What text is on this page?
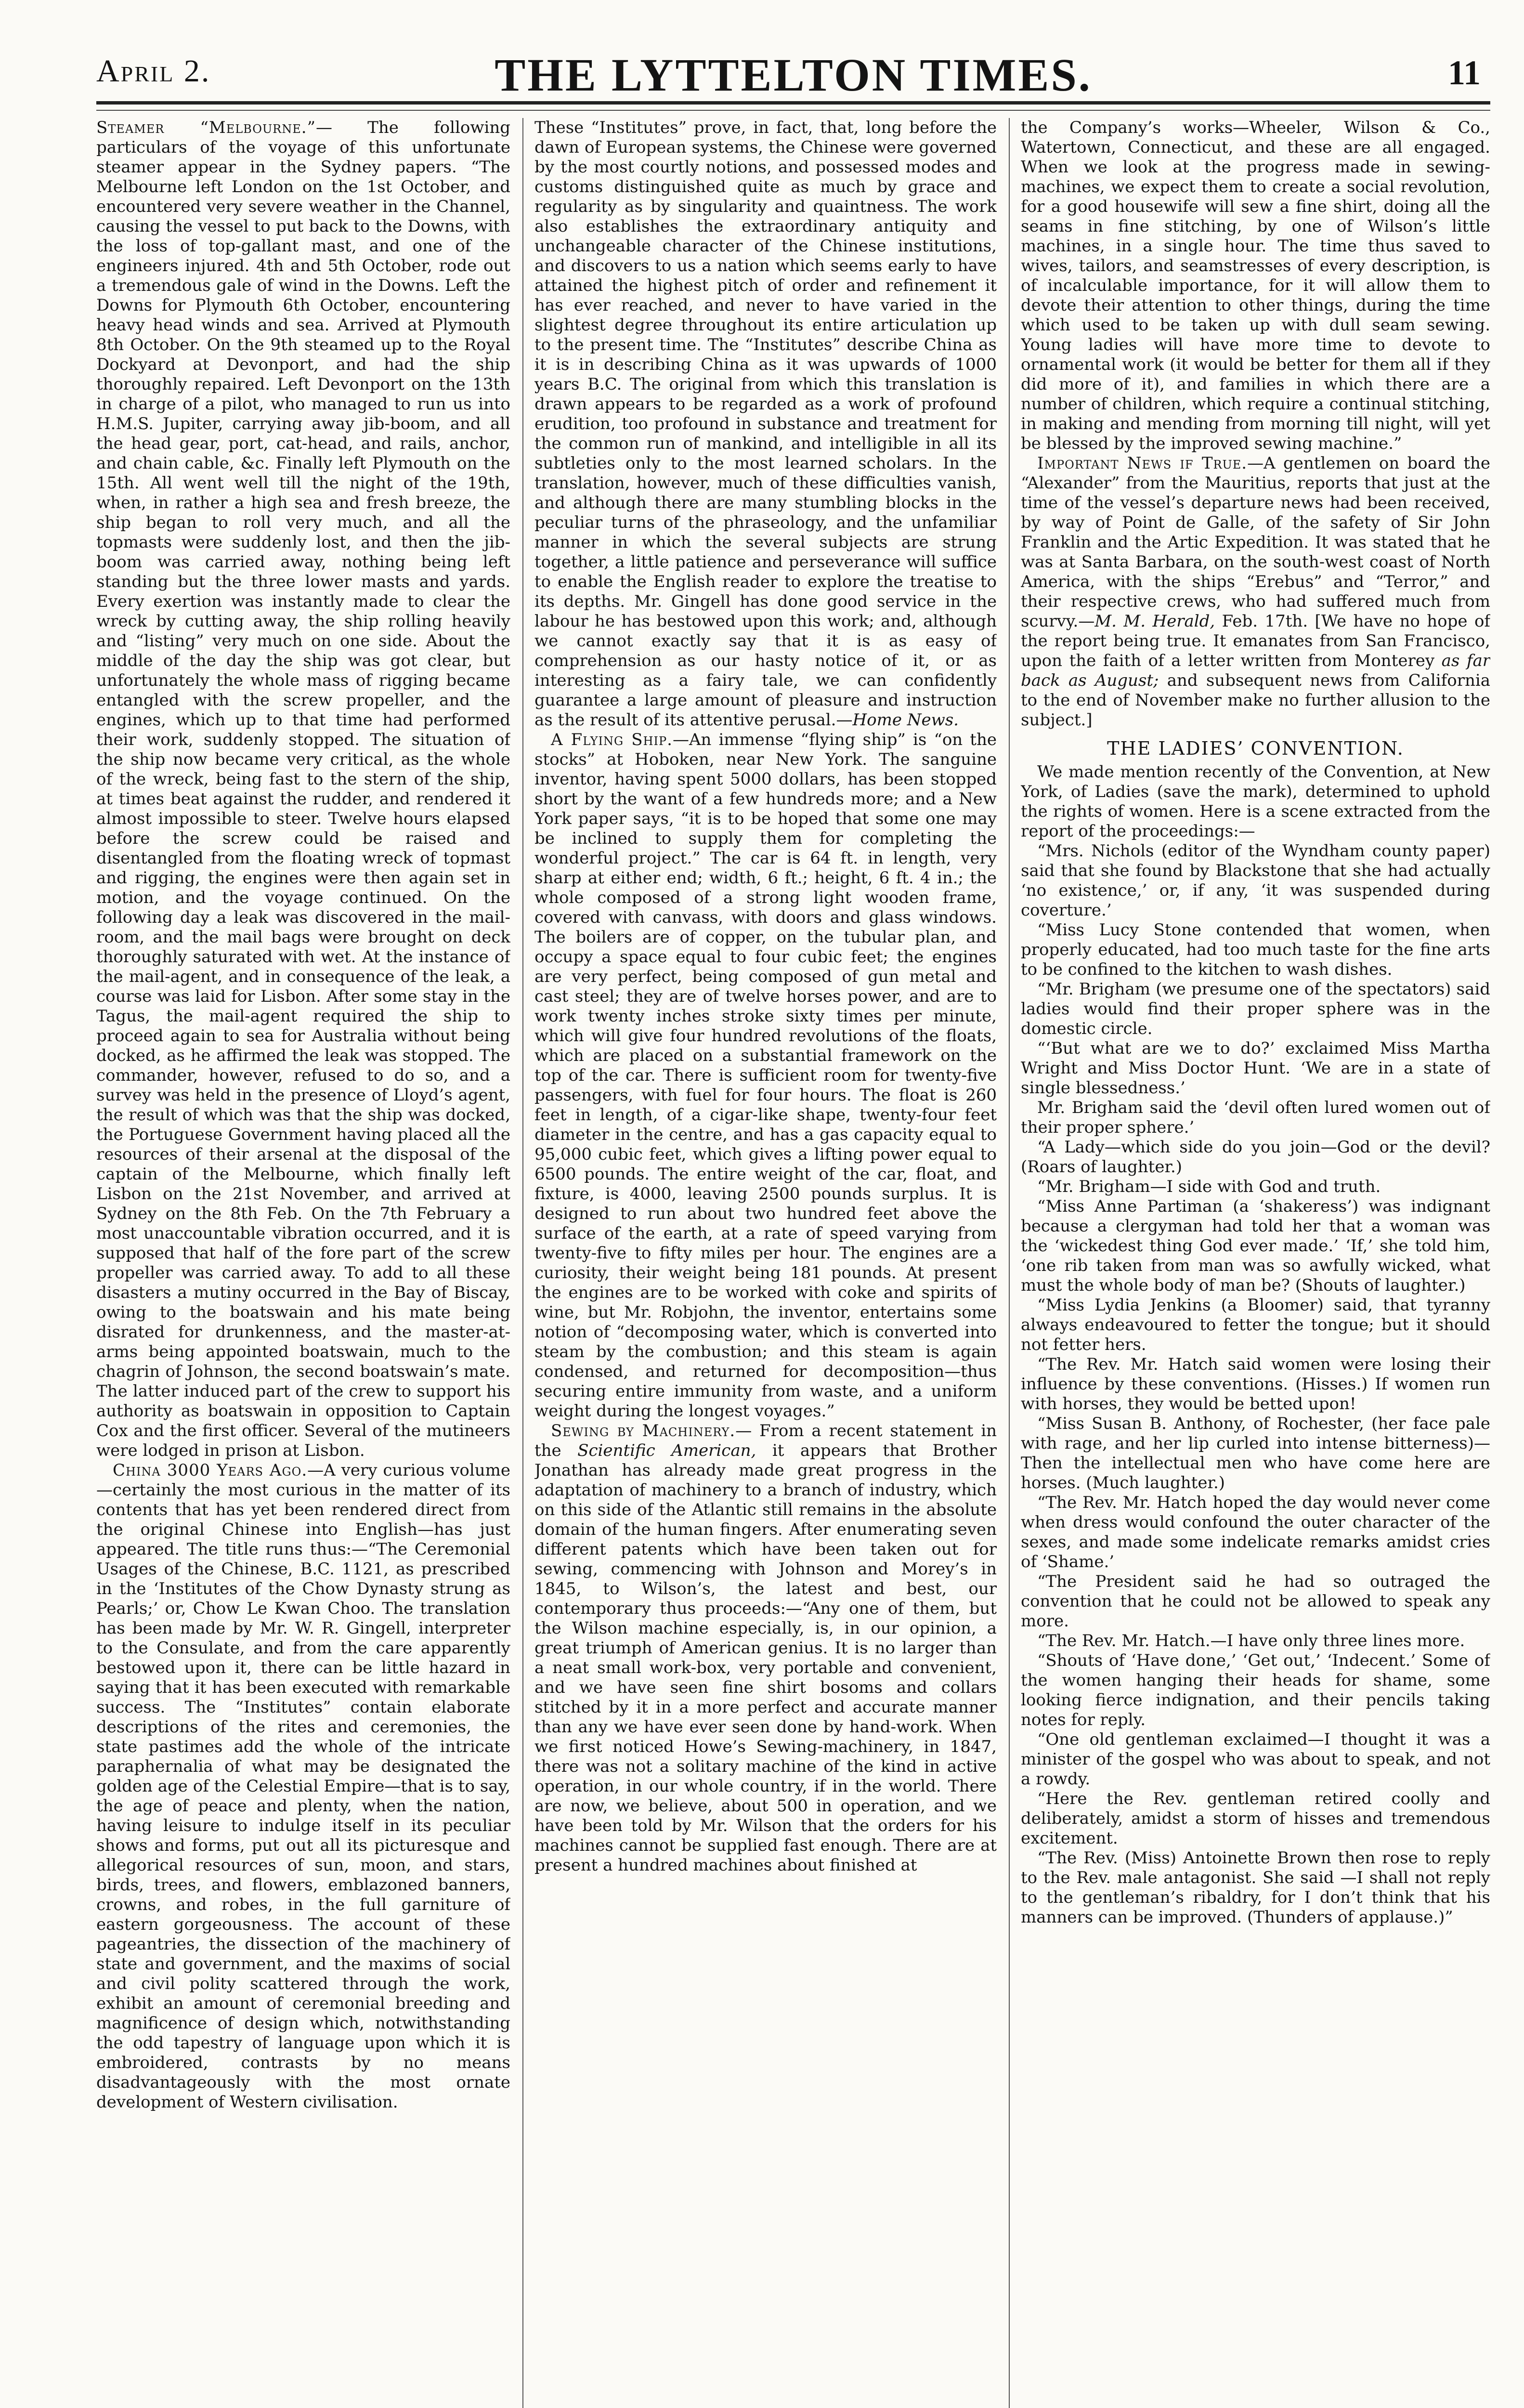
April 2.	THE LYTTELTON TIMES.	11

Steamer “Melbourne.”— The following particulars of the voyage of this unfortunate steamer appear in the Sydney papers. “The Melbourne left London on the 1st October, and encountered very severe weather in the Channel, causing the vessel to put back to the Downs, with the loss of top-gallant mast, and one of the engineers injured. 4th and 5th October, rode out a tremendous gale of wind in the Downs. Left the Downs for Plymouth 6th October, encountering heavy head winds and sea. Arrived at Plymouth 8th October. On the 9th steamed up to the Royal Dockyard at Devonport, and had the ship thoroughly repaired. Left Devonport on the 13th in charge of a pilot, who managed to run us into H.M.S. Jupiter, carrying away jib-boom, and all the head gear, port, cat-head, and rails, anchor, and chain cable, &c. Finally left Plymouth on the 15th. All went well till the night of the 19th, when, in rather a high sea and fresh breeze, the ship began to roll very much, and all the topmasts were suddenly lost, and then the jib-boom was carried away, nothing being left standing but the three lower masts and yards. Every exertion was instantly made to clear the wreck by cutting away, the ship rolling heavily and “listing” very much on one side. About the middle of the day the ship was got clear, but unfortunately the whole mass of rigging became entangled with the screw propeller, and the engines, which up to that time had performed their work, suddenly stopped. The situation of the ship now became very critical, as the whole of the wreck, being fast to the stern of the ship, at times beat against the rudder, and rendered it almost impossible to steer. Twelve hours elapsed before the screw could be raised and disentangled from the floating wreck of topmast and rigging, the engines were then again set in motion, and the voyage continued. On the following day a leak was discovered in the mail-room, and the mail bags were brought on deck thoroughly saturated with wet. At the instance of the mail-agent, and in consequence of the leak, a course was laid for Lisbon. After some stay in the Tagus, the mail-agent required the ship to proceed again to sea for Australia without being docked, as he affirmed the leak was stopped. The commander, however, refused to do so, and a survey was held in the presence of Lloyd’s agent, the result of which was that the ship was docked, the Portuguese Government having placed all the resources of their arsenal at the disposal of the captain of the Melbourne, which finally left Lisbon on the 21st November, and arrived at Sydney on the 8th Feb. On the 7th February a most unaccountable vibration occurred, and it is supposed that half of the fore part of the screw propeller was carried away. To add to all these disasters a mutiny occurred in the Bay of Biscay, owing to the boatswain and his mate being disrated for drunkenness, and the master-at-arms being appointed boatswain, much to the chagrin of Johnson, the second boatswain’s mate. The latter induced part of the crew to support his authority as boatswain in opposition to Captain Cox and the first officer. Several of the mutineers were lodged in prison at Lisbon.

China 3000 Years Ago.—A very curious volume—certainly the most curious in the matter of its contents that has yet been rendered direct from the original Chinese into English—has just appeared. The title runs thus:—“The Ceremonial Usages of the Chinese, B.C. 1121, as prescribed in the ‘Institutes of the Chow Dynasty strung as Pearls;’ or, Chow Le Kwan Choo. The translation has been made by Mr. W. R. Gingell, interpreter to the Consulate, and from the care apparently bestowed upon it, there can be little hazard in saying that it has been executed with remarkable success. The “Institutes” contain elaborate descriptions of the rites and ceremonies, the state pastimes add the whole of the intricate paraphernalia of what may be designated the golden age of the Celestial Empire—that is to say, the age of peace and plenty, when the nation, having leisure to indulge itself in its peculiar shows and forms, put out all its picturesque and allegorical resources of sun, moon, and stars, birds, trees, and flowers, emblazoned banners, crowns, and robes, in the full garniture of eastern gorgeousness. The account of these pageantries, the dissection of the machinery of state and government, and the maxims of social and civil polity scattered through the work, exhibit an amount of ceremonial breeding and magnificence of design which, notwithstanding the odd tapestry of language upon which it is embroidered, contrasts by no means disadvantageously with the most ornate development of Western civilisation.

These “Institutes” prove, in fact, that, long before the dawn of European systems, the Chinese were governed by the most courtly notions, and possessed modes and customs distinguished quite as much by grace and regularity as by singularity and quaintness. The work also establishes the extraordinary antiquity and unchangeable character of the Chinese institutions, and discovers to us a nation which seems early to have attained the highest pitch of order and refinement it has ever reached, and never to have varied in the slightest degree throughout its entire articulation up to the present time. The “Institutes” describe China as it is in describing China as it was upwards of 1000 years B.C. The original from which this translation is drawn appears to be regarded as a work of profound erudition, too profound in substance and treatment for the common run of mankind, and intelligible in all its subtleties only to the most learned scholars. In the translation, however, much of these difficulties vanish, and although there are many stumbling blocks in the peculiar turns of the phraseology, and the unfamiliar manner in which the several subjects are strung together, a little patience and perseverance will suffice to enable the English reader to explore the treatise to its depths. Mr. Gingell has done good service in the labour he has bestowed upon this work; and, although we cannot exactly say that it is as easy of comprehension as our hasty notice of it, or as interesting as a fairy tale, we can confidently guarantee a large amount of pleasure and instruction as the result of its attentive perusal.—Home News.

A Flying Ship.—An immense “flying ship” is “on the stocks” at Hoboken, near New York. The sanguine inventor, having spent 5000 dollars, has been stopped short by the want of a few hundreds more; and a New York paper says, “it is to be hoped that some one may be inclined to supply them for completing the wonderful project.” The car is 64 ft. in length, very sharp at either end; width, 6 ft.; height, 6 ft. 4 in.; the whole composed of a strong light wooden frame, covered with canvass, with doors and glass windows. The boilers are of copper, on the tubular plan, and occupy a space equal to four cubic feet; the engines are very perfect, being composed of gun metal and cast steel; they are of twelve horses power, and are to work twenty inches stroke sixty times per minute, which will give four hundred revolutions of the floats, which are placed on a substantial framework on the top of the car. There is sufficient room for twenty-five passengers, with fuel for four hours. The float is 260 feet in length, of a cigar-like shape, twenty-four feet diameter in the centre, and has a gas capacity equal to 95,000 cubic feet, which gives a lifting power equal to 6500 pounds. The entire weight of the car, float, and fixture, is 4000, leaving 2500 pounds surplus. It is designed to run about two hundred feet above the surface of the earth, at a rate of speed varying from twenty-five to fifty miles per hour. The engines are a curiosity, their weight being 181 pounds. At present the engines are to be worked with coke and spirits of wine, but Mr. Robjohn, the inventor, entertains some notion of “decomposing water, which is converted into steam by the combustion; and this steam is again condensed, and returned for decomposition—thus securing entire immunity from waste, and a uniform weight during the longest voyages.”

Sewing by Machinery.— From a recent statement in the Scientific American, it appears that Brother Jonathan has already made great progress in the adaptation of machinery to a branch of industry, which on this side of the Atlantic still remains in the absolute domain of the human fingers. After enumerating seven different patents which have been taken out for sewing, commencing with Johnson and Morey’s in 1845, to Wilson’s, the latest and best, our contemporary thus proceeds:—“Any one of them, but the Wilson machine especially, is, in our opinion, a great triumph of American genius. It is no larger than a neat small work-box, very portable and convenient, and we have seen fine shirt bosoms and collars stitched by it in a more perfect and accurate manner than any we have ever seen done by hand-work. When we first noticed Howe’s Sewing-machinery, in 1847, there was not a solitary machine of the kind in active operation, in our whole country, if in the world. There are now, we believe, about 500 in operation, and we have been told by Mr. Wilson that the orders for his machines cannot be supplied fast enough. There are at present a hundred machines about finished at

the Company’s works—Wheeler, Wilson & Co., Watertown, Connecticut, and these are all engaged. When we look at the progress made in sewing-machines, we expect them to create a social revolution, for a good housewife will sew a fine shirt, doing all the seams in fine stitching, by one of Wilson’s little machines, in a single hour. The time thus saved to wives, tailors, and seamstresses of every description, is of incalculable importance, for it will allow them to devote their attention to other things, during the time which used to be taken up with dull seam sewing. Young ladies will have more time to devote to ornamental work (it would be better for them all if they did more of it), and families in which there are a number of children, which require a continual stitching, in making and mending from morning till night, will yet be blessed by the improved sewing machine.”

Important News if True.—A gentlemen on board the “Alexander” from the Mauritius, reports that just at the time of the vessel’s departure news had been received, by way of Point de Galle, of the safety of Sir John Franklin and the Artic Expedition. It was stated that he was at Santa Barbara, on the south-west coast of North America, with the ships “Erebus” and “Terror,” and their respective crews, who had suffered much from scurvy.—M. M. Herald, Feb. 17th. [We have no hope of the report being true. It emanates from San Francisco, upon the faith of a letter written from Monterey as far back as August; and subsequent news from California to the end of November make no further allusion to the subject.]

THE LADIES’ CONVENTION.

We made mention recently of the Convention, at New York, of Ladies (save the mark), determined to uphold the rights of women. Here is a scene extracted from the report of the proceedings:—

“Mrs. Nichols (editor of the Wyndham county paper) said that she found by Blackstone that she had actually ‘no existence,’ or, if any, ‘it was suspended during coverture.’

“Miss Lucy Stone contended that women, when properly educated, had too much taste for the fine arts to be confined to the kitchen to wash dishes.

“Mr. Brigham (we presume one of the spectators) said ladies would find their proper sphere was in the domestic circle.

“‘But what are we to do?’ exclaimed Miss Martha Wright and Miss Doctor Hunt. ‘We are in a state of single blessedness.’

Mr. Brigham said the ‘devil often lured women out of their proper sphere.’

“A Lady—which side do you join—God or the devil? (Roars of laughter.)

“Mr. Brigham—I side with God and truth.

“Miss Anne Partiman (a ‘shakeress’) was indignant because a clergyman had told her that a woman was the ‘wickedest thing God ever made.’ ‘If,’ she told him, ‘one rib taken from man was so awfully wicked, what must the whole body of man be? (Shouts of laughter.)

“Miss Lydia Jenkins (a Bloomer) said, that tyranny always endeavoured to fetter the tongue; but it should not fetter hers.

“The Rev. Mr. Hatch said women were losing their influence by these conventions. (Hisses.) If women run with horses, they would be betted upon!

“Miss Susan B. Anthony, of Rochester, (her face pale with rage, and her lip curled into intense bitterness)—Then the intellectual men who have come here are horses. (Much laughter.)

“The Rev. Mr. Hatch hoped the day would never come when dress would confound the outer character of the sexes, and made some indelicate remarks amidst cries of ‘Shame.’

“The President said he had so outraged the convention that he could not be allowed to speak any more.

“The Rev. Mr. Hatch.—I have only three lines more.

“Shouts of ‘Have done,’ ‘Get out,’ ‘Indecent.’ Some of the women hanging their heads for shame, some looking fierce indignation, and their pencils taking notes for reply.

“One old gentleman exclaimed—I thought it was a minister of the gospel who was about to speak, and not a rowdy.

“Here the Rev. gentleman retired coolly and deliberately, amidst a storm of hisses and tremendous excitement.

“The Rev. (Miss) Antoinette Brown then rose to reply to the Rev. male antagonist. She said —I shall not reply to the gentleman’s ribaldry, for I don’t think that his manners can be improved. (Thunders of applause.)”
